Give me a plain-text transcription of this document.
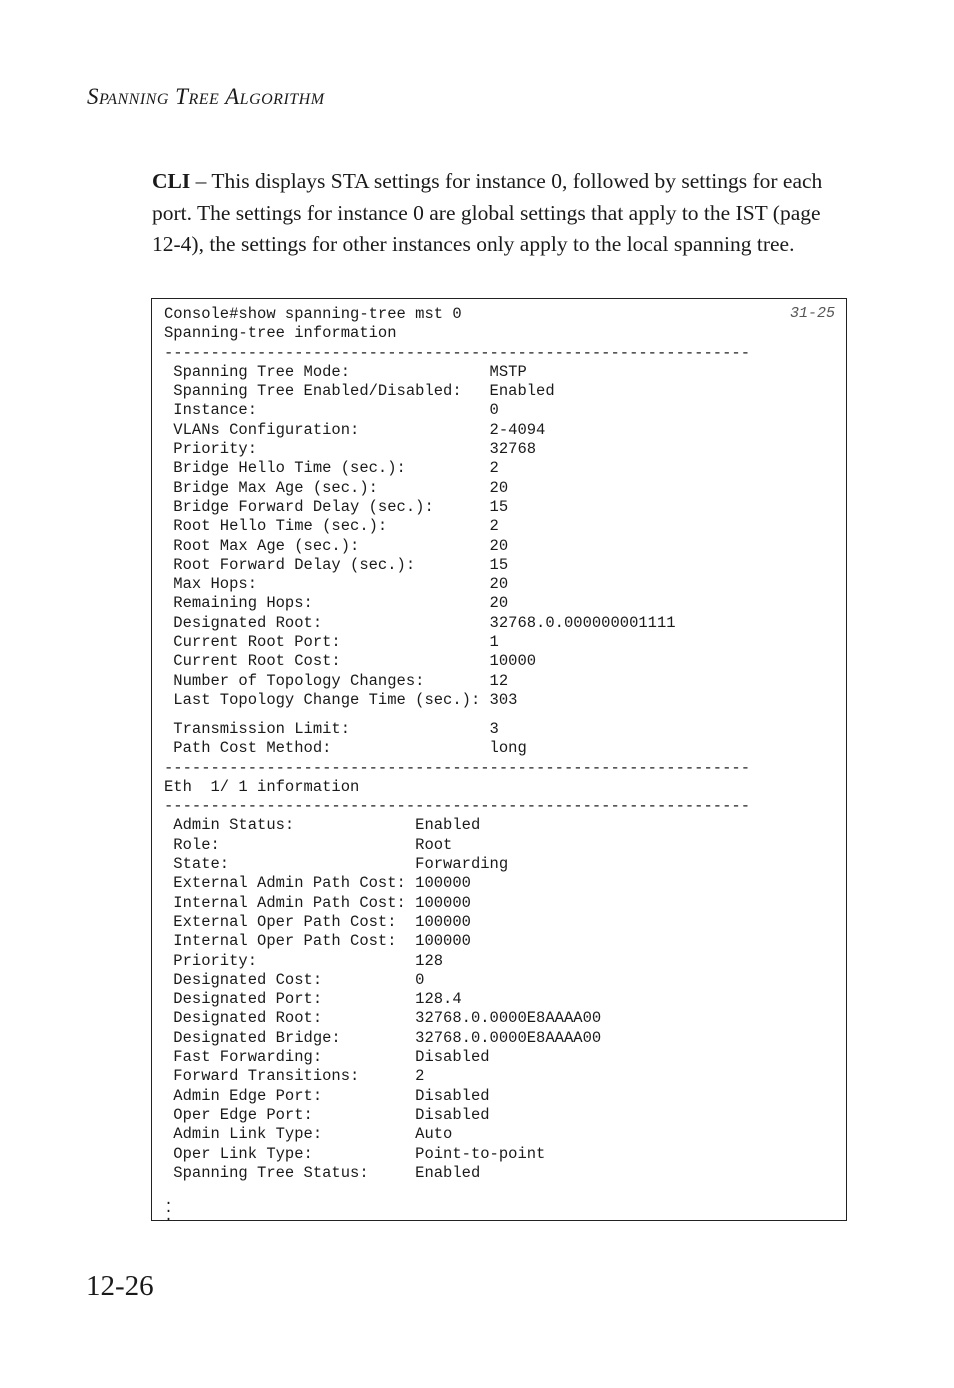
SPANNING TREE ALGORITHM

CLI – This displays STA settings for instance 0, followed by settings for each port. The settings for instance 0 are global settings that apply to the IST (page 12-4), the settings for other instances only apply to the local spanning tree.

31-25
Console#show spanning-tree mst 0
Spanning-tree information
---------------------------------------------------------------
Spanning Tree Mode:               MSTP
Spanning Tree Enabled/Disabled:   Enabled
Instance:                         0
VLANs Configuration:              2-4094
Priority:                         32768
Bridge Hello Time (sec.):         2
Bridge Max Age (sec.):            20
Bridge Forward Delay (sec.):      15
Root Hello Time (sec.):           2
Root Max Age (sec.):              20
Root Forward Delay (sec.):        15
Max Hops:                         20
Remaining Hops:                   20
Designated Root:                  32768.0.000000001111
Current Root Port:                1
Current Root Cost:                10000
Number of Topology Changes:       12
Last Topology Change Time (sec.): 303
Transmission Limit:               3
Path Cost Method:                 long
---------------------------------------------------------------
Eth  1/ 1 information
---------------------------------------------------------------
Admin Status:             Enabled
Role:                     Root
State:                    Forwarding
External Admin Path Cost: 100000
Internal Admin Path Cost: 100000
External Oper Path Cost:  100000
Internal Oper Path Cost:  100000
Priority:                 128
Designated Cost:          0
Designated Port:          128.4
Designated Root:          32768.0.0000E8AAAA00
Designated Bridge:        32768.0.0000E8AAAA00
Fast Forwarding:          Disabled
Forward Transitions:      2
Admin Edge Port:          Disabled
Oper Edge Port:           Disabled
Admin Link Type:          Auto
Oper Link Type:           Point-to-point
Spanning Tree Status:     Enabled
.
.
.
12-26
